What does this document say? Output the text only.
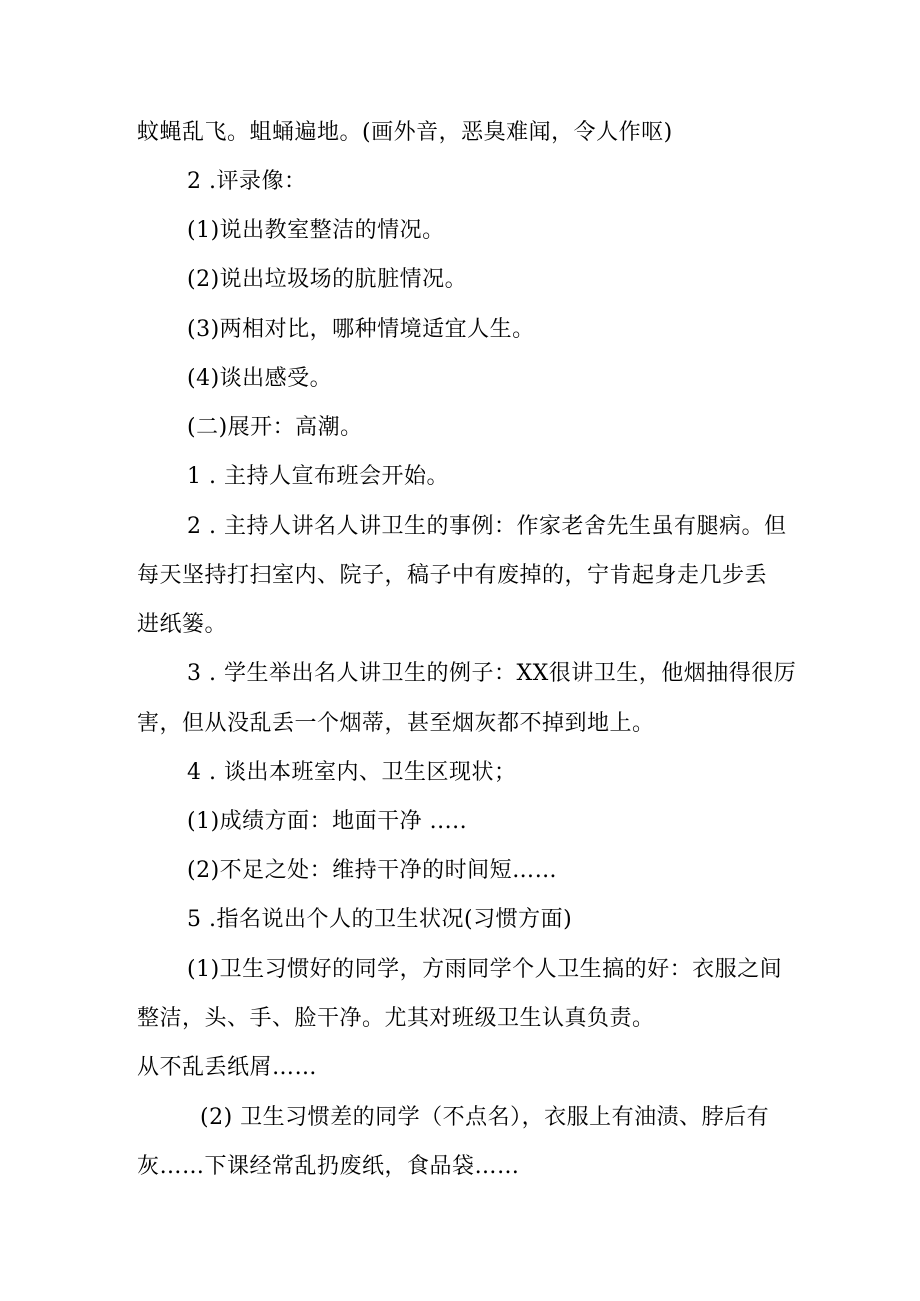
蚊蝇乱飞。蛆蛹遍地。(画外音，恶臭难闻，令人作呕)
2 .评录像：
(1)说出教室整洁的情况。
(2)说出垃圾场的肮脏情况。
(3)两相对比，哪种情境适宜人生。
(4)谈出感受。
(二)展开：高潮。
1 . 主持人宣布班会开始。
2 . 主持人讲名人讲卫生的事例：作家老舍先生虽有腿病。但
每天坚持打扫室内、院子，稿子中有废掉的，宁肯起身走几步丢
进纸篓。
3 . 学生举出名人讲卫生的例子：XX很讲卫生，他烟抽得很厉
害，但从没乱丢一个烟蒂，甚至烟灰都不掉到地上。
4 . 谈出本班室内、卫生区现状；
(1)成绩方面：地面干净 .....
(2)不足之处：维持干净的时间短……
5 .指名说出个人的卫生状况(习惯方面)
(1)卫生习惯好的同学，方雨同学个人卫生搞的好：衣服之间
整洁，头、手、脸干净。尤其对班级卫生认真负责。
从不乱丢纸屑……
(2) 卫生习惯差的同学（不点名），衣服上有油渍、脖后有
灰……下课经常乱扔废纸，食品袋……
